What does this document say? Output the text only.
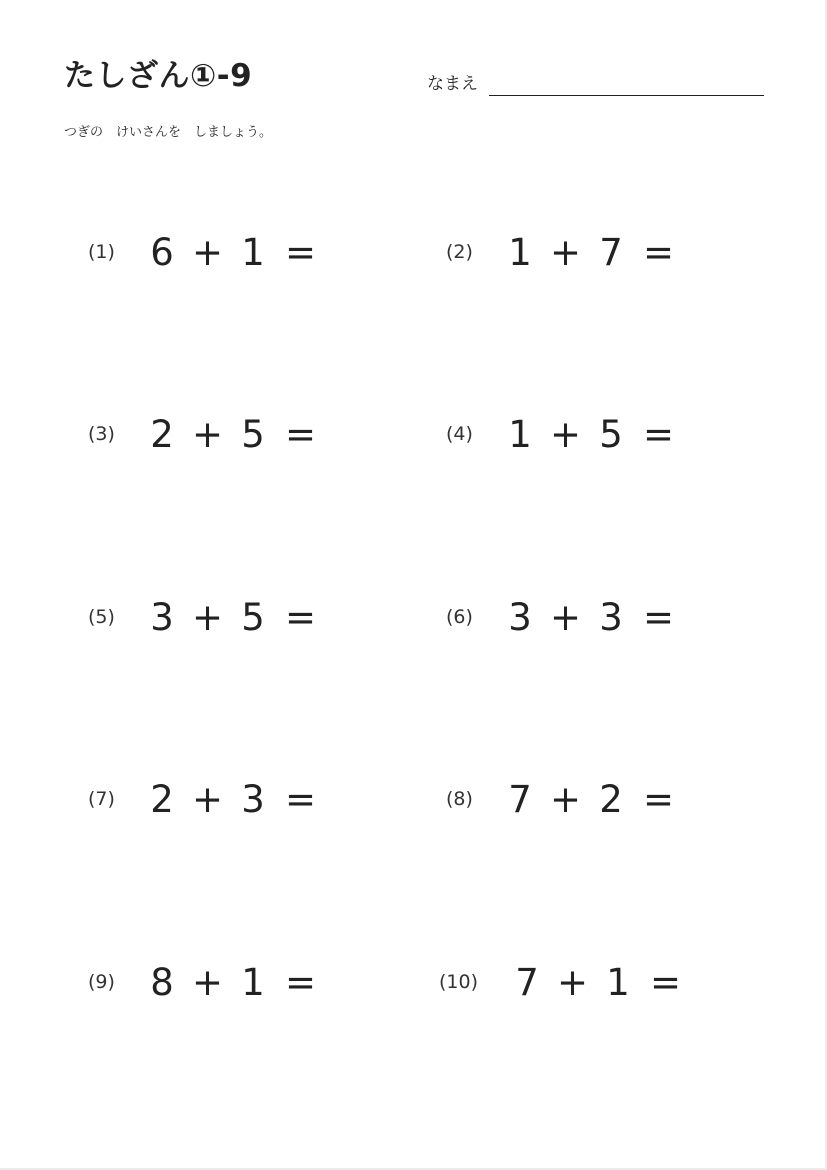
たしざん①-9	なまえ
つぎの　けいさんを　しましょう。
(1) 6 + 1 =	(2) 1 + 7 =
(3) 2 + 5 =	(4) 1 + 5 =
(5) 3 + 5 =	(6) 3 + 3 =
(7) 2 + 3 =	(8) 7 + 2 =
(9) 8 + 1 =	(10) 7 + 1 =
